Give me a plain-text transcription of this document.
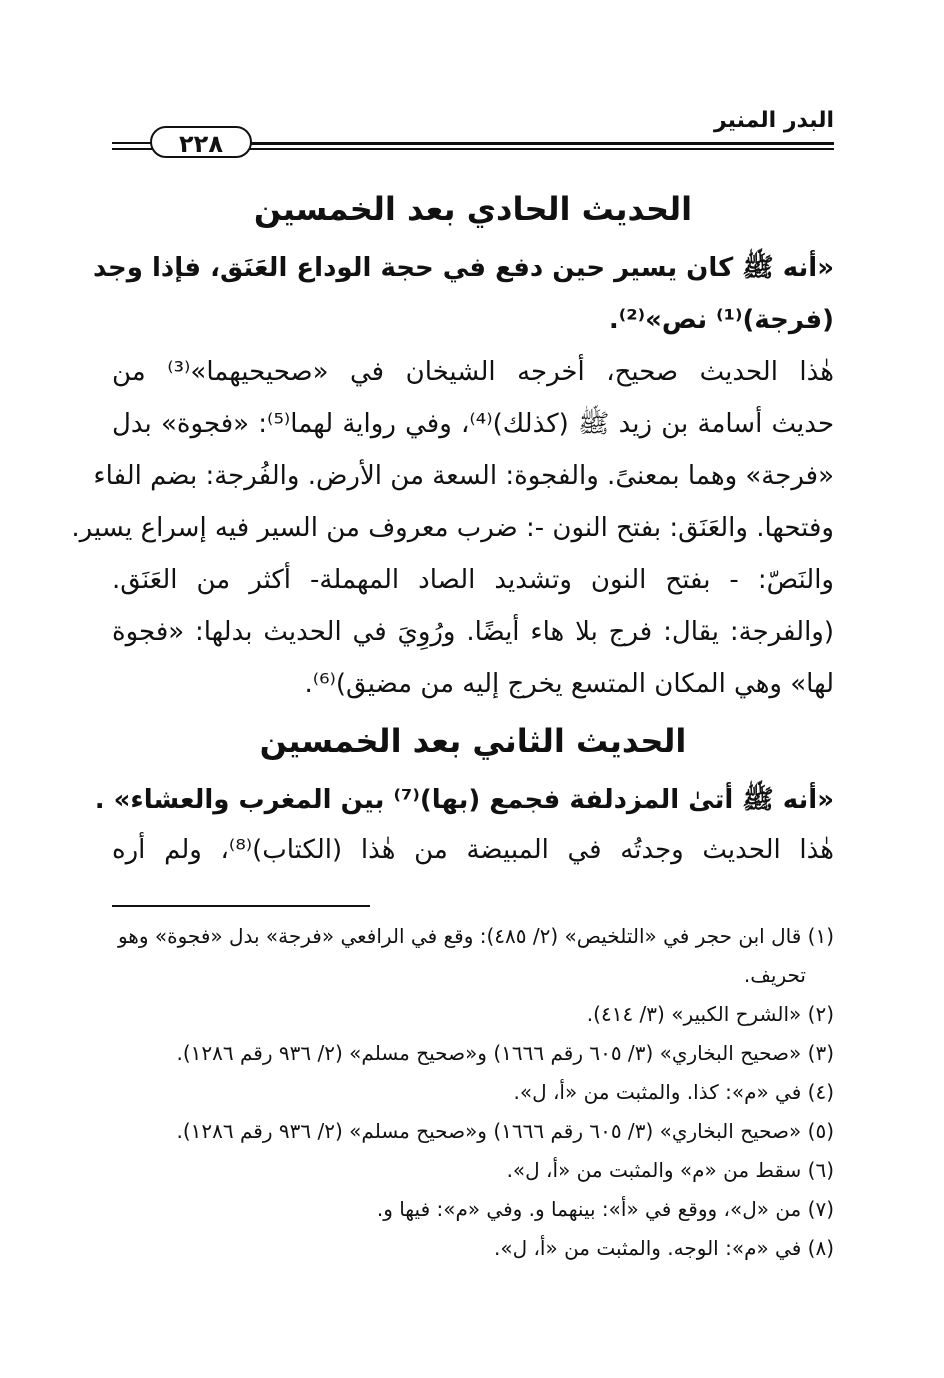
البدر المنير
٢٢٨
الحديث الحادي بعد الخمسين
«أنه ﷺ كان يسير حين دفع في حجة الوداع العَنَق، فإذا وجد
(فرجة)⁽¹⁾ نص»⁽²⁾.
هٰذا الحديث صحيح، أخرجه الشيخان في «صحيحيهما»⁽³⁾ من
حديث أسامة بن زيد ﷺ (كذلك)⁽⁴⁾، وفي رواية لهما⁽⁵⁾: «فجوة» بدل
«فرجة» وهما بمعنىً. والفجوة: السعة من الأرض. والفُرجة: بضم الفاء
وفتحها. والعَنَق: بفتح النون -: ضرب معروف من السير فيه إسراع يسير.
والنَصّ: - بفتح النون وتشديد الصاد المهملة- أكثر من العَنَق.
(والفرجة: يقال: فرج بلا هاء أيضًا. ورُوِيَ في الحديث بدلها: «فجوة
لها» وهي المكان المتسع يخرج إليه من مضيق)⁽⁶⁾.
الحديث الثاني بعد الخمسين
«أنه ﷺ أتىٰ المزدلفة فجمع (بها)⁽⁷⁾ بين المغرب والعشاء» .
هٰذا الحديث وجدتُه في المبيضة من هٰذا (الكتاب)⁽⁸⁾، ولم أره
(١) قال ابن حجر في «التلخيص» (٢/ ٤٨٥): وقع في الرافعي «فرجة» بدل «فجوة» وهو
تحريف.
(٢) «الشرح الكبير» (٣/ ٤١٤).
(٣) «صحيح البخاري» (٣/ ٦٠٥ رقم ١٦٦٦) و«صحيح مسلم» (٢/ ٩٣٦ رقم ١٢٨٦).
(٤) في «م»: كذا. والمثبت من «أ، ل».
(٥) «صحيح البخاري» (٣/ ٦٠٥ رقم ١٦٦٦) و«صحيح مسلم» (٢/ ٩٣٦ رقم ١٢٨٦).
(٦) سقط من «م» والمثبت من «أ، ل».
(٧) من «ل»، ووقع في «أ»: بينهما و. وفي «م»: فيها و.
(٨) في «م»: الوجه. والمثبت من «أ، ل».
